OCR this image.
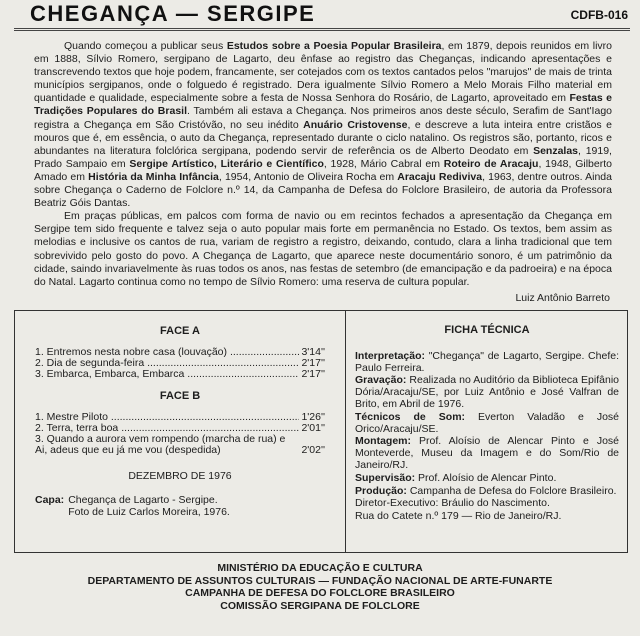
CHEGANÇA — SERGIPE	CDFB-016

Quando começou a publicar seus Estudos sobre a Poesia Popular Brasileira, em 1879, depois reunidos em livro em 1888, Sílvio Romero, sergipano de Lagarto, deu ênfase ao registro das Cheganças, indicando apresentações e transcrevendo textos que hoje podem, francamente, ser cotejados com os textos cantados pelos "marujos" de mais de trinta municípios sergipanos, onde o folguedo é registrado. Dera igualmente Sílvio Romero a Melo Morais Filho material em quantidade e qualidade, especialmente sobre a festa de Nossa Senhora do Rosário, de Lagarto, aproveitado em Festas e Tradições Populares do Brasil. Também ali estava a Chegança. Nos primeiros anos deste século, Serafim de Sant'Iago registra a Chegança em São Cristóvão, no seu inédito Anuário Cristovense, e descreve a luta inteira entre cristãos e mouros que é, em essência, o auto da Chegança, representado durante o ciclo natalino. Os registros são, portanto, ricos e abundantes na literatura folclórica sergipana, podendo servir de referência os de Alberto Deodato em Senzalas, 1919, Prado Sampaio em Sergipe Artístico, Literário e Científico, 1928, Mário Cabral em Roteiro de Aracaju, 1948, Gilberto Amado em História da Minha Infância, 1954, Antonio de Oliveira Rocha em Aracaju Rediviva, 1963, dentre outros. Ainda sobre Chegança o Caderno de Folclore n.º 14, da Campanha de Defesa do Folclore Brasileiro, de autoria da Professora Beatriz Góis Dantas.

Em praças públicas, em palcos com forma de navio ou em recintos fechados a apresentação da Chegança em Sergipe tem sido frequente e talvez seja o auto popular mais forte em permanência no Estado. Os textos, bem assim as melodias e inclusive os cantos de rua, variam de registro a registro, deixando, contudo, clara a linha tradicional que tem sobrevivido pelo gosto do povo. A Chegança de Lagarto, que aparece neste documentário sonoro, é um patrimônio da cidade, saindo invariavelmente às ruas todos os anos, nas festas de setembro (de emancipação e da padroeira) e na época do Natal. Lagarto continua como no tempo de Sílvio Romero: uma reserva de cultura popular.

Luiz Antônio Barreto
FACE A
1. Entremos nesta nobre casa (louvação) .....	3'14''
2. Dia de segunda-feira .....	2'17''
3. Embarca, Embarca, Embarca .....	2'17''
FACE B
1. Mestre Piloto .....	1'26''
2. Terra, terra boa .....	2'01''
3. Quando a aurora vem rompendo (marcha de rua) e Ai, adeus que eu já me vou (despedida)	2'02''
DEZEMBRO DE 1976
Capa: Chegança de Lagarto - Sergipe.
Foto de Luiz Carlos Moreira, 1976.
FICHA TÉCNICA
Interpretação: "Chegança" de Lagarto, Sergipe. Chefe: Paulo Ferreira.
Gravação: Realizada no Auditório da Biblioteca Epifânio Dória/Aracaju/SE, por Luiz Antônio e José Valfran de Brito, em Abril de 1976.
Técnicos de Som: Everton Valadão e José Orico/Aracaju/SE.
Montagem: Prof. Aloísio de Alencar Pinto e José Monteverde, Museu da Imagem e do Som/Rio de Janeiro/RJ.
Supervisão: Prof. Aloísio de Alencar Pinto.
Produção: Campanha de Defesa do Folclore Brasileiro.
Diretor-Executivo: Bráulio do Nascimento.
Rua do Catete n.º 179 — Rio de Janeiro/RJ.
MINISTÉRIO DA EDUCAÇÃO E CULTURA
DEPARTAMENTO DE ASSUNTOS CULTURAIS — FUNDAÇÃO NACIONAL DE ARTE-FUNARTE
CAMPANHA DE DEFESA DO FOLCLORE BRASILEIRO
COMISSÃO SERGIPANA DE FOLCLORE
